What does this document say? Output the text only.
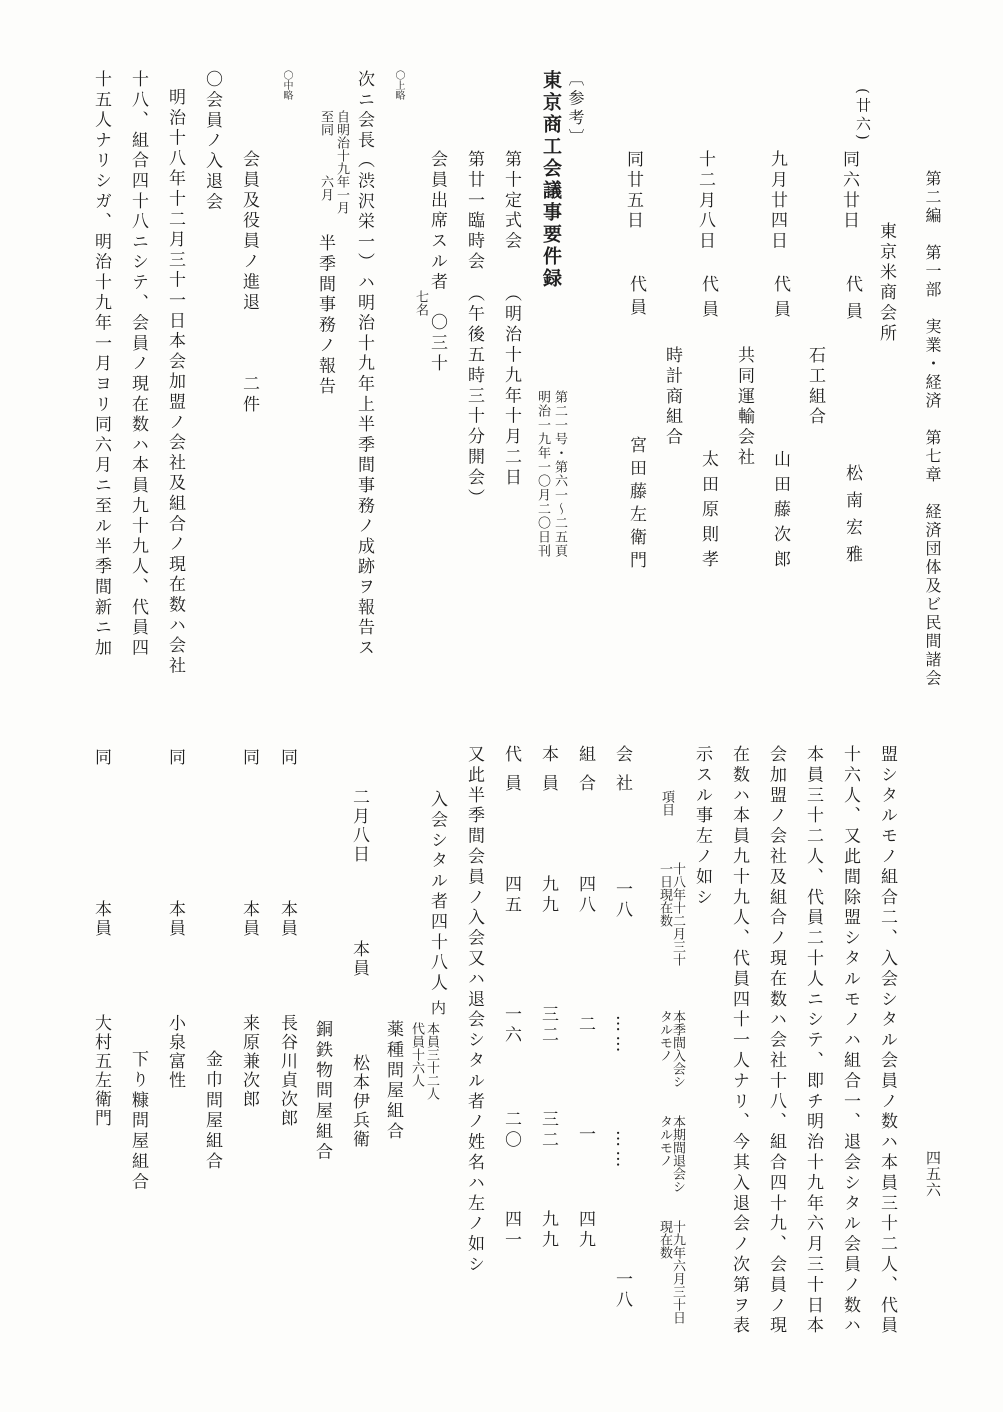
第二編　第一部　実業・経済　第七章　経済団体及ビ民間諸会
四五六
東京米商会所
代員　　　　　松南宏雅
石工組合
代員　　　　　山田藤次郎
共同運輸会社
代員　　　　　太田原則孝
時計商組合
代員　　　　　宮田藤左衛門
同廿五日	十二月八日	九月廿四日
(廿六)
同六廿日
〔参考〕
東京商工会議事要件録
第二一号・第六一～二五頁
明治一九年一〇月二〇日刊
第十定式会　　（明治十九年十月二日
第廿一臨時会　（午後五時三十分開会）
会員出席スル者　〇三十
七名
〇上略
次ニ会長（渋沢栄一）ハ明治十九年上半季間事務ノ成跡ヲ報告ス
自明治十九年一月
至同　　　六月
半季間事務ノ報告
〇中略
会員及役員ノ進退　　　二件
〇会員ノ入退会
明治十八年十二月三十一日本会加盟ノ会社及組合ノ現在数ハ会社
十八、組合四十八ニシテ、会員ノ現在数ハ本員九十九人、代員四
十五人ナリシガ、明治十九年一月ヨリ同六月ニ至ル半季間新ニ加
盟シタルモノ組合二、入会シタル会員ノ数ハ本員三十二人、代員
十六人、又此間除盟シタルモノハ組合一、退会シタル会員ノ数ハ
本員三十二人、代員二十人ニシテ、即チ明治十九年六月三十日本
会加盟ノ会社及組合ノ現在数ハ会社十八、組合四十九、会員ノ現
在数ハ本員九十九人、代員四十一人ナリ、今其入退会ノ次第ヲ表
示スル事左ノ如シ
項目
十八年十二月三十一日現在数
本季間入会シタルモノ
本期間退会シタルモノ
十九年六月三十日現在数
会社
一八
……
……
一八
組合
四八
二
一
四九
本員
九九
三二
三二
九九
代員
四五
一六
二〇
四一
又此半季間会員ノ入会又ハ退会シタル者ノ姓名ハ左ノ如シ
入会シタル者四十八人
内
本員三十二人
代員十六人
薬種問屋組合
二月八日　　　　本員　　　　松本伊兵衛
銅鉄物問屋組合
同　　　　　　　本員　　　　長谷川貞次郎
同　　　　　　　本員　　　　来原兼次郎
金巾問屋組合
同　　　　　　　本員　　　　小泉富性
下り糠問屋組合
同　　　　　　　本員　　　　大村五左衛門
